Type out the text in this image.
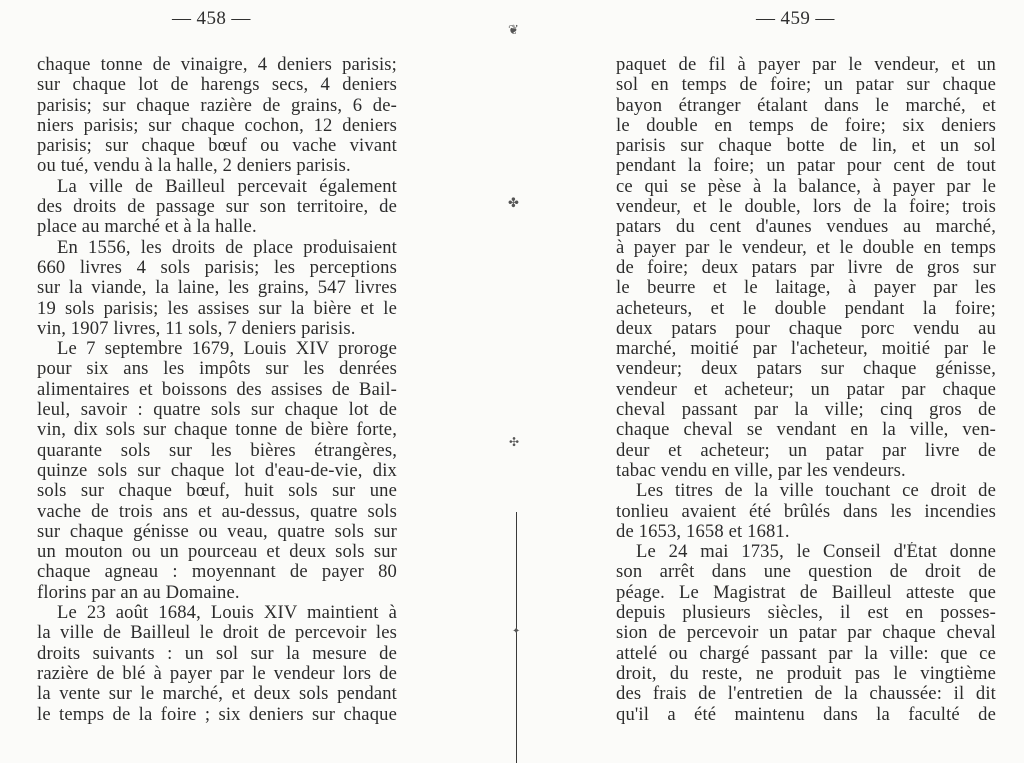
— 458 —
chaque tonne de vinaigre, 4 deniers parisis;
sur chaque lot de harengs secs, 4 deniers
parisis; sur chaque razière de grains, 6 de-
niers parisis; sur chaque cochon, 12 deniers
parisis; sur chaque bœuf ou vache vivant
ou tué, vendu à la halle, 2 deniers parisis.
La ville de Bailleul percevait également
des droits de passage sur son territoire, de
place au marché et à la halle.
En 1556, les droits de place produisaient
660 livres 4 sols parisis; les perceptions
sur la viande, la laine, les grains, 547 livres
19 sols parisis; les assises sur la bière et le
vin, 1907 livres, 11 sols, 7 deniers parisis.
Le 7 septembre 1679, Louis XIV proroge
pour six ans les impôts sur les denrées
alimentaires et boissons des assises de Bail-
leul, savoir : quatre sols sur chaque lot de
vin, dix sols sur chaque tonne de bière forte,
quarante sols sur les bières étrangères,
quinze sols sur chaque lot d'eau-de-vie, dix
sols sur chaque bœuf, huit sols sur une
vache de trois ans et au-dessus, quatre sols
sur chaque génisse ou veau, quatre sols sur
un mouton ou un pourceau et deux sols sur
chaque agneau : moyennant de payer 80
florins par an au Domaine.
Le 23 août 1684, Louis XIV maintient à
la ville de Bailleul le droit de percevoir les
droits suivants : un sol sur la mesure de
razière de blé à payer par le vendeur lors de
la vente sur le marché, et deux sols pendant
le temps de la foire ; six deniers sur chaque
❦
✤
✣
✦
— 459 —
paquet de fil à payer par le vendeur, et un
sol en temps de foire; un patar sur chaque
bayon étranger étalant dans le marché, et
le double en temps de foire; six deniers
parisis sur chaque botte de lin, et un sol
pendant la foire; un patar pour cent de tout
ce qui se pèse à la balance, à payer par le
vendeur, et le double, lors de la foire; trois
patars du cent d'aunes vendues au marché,
à payer par le vendeur, et le double en temps
de foire; deux patars par livre de gros sur
le beurre et le laitage, à payer par les
acheteurs, et le double pendant la foire;
deux patars pour chaque porc vendu au
marché, moitié par l'acheteur, moitié par le
vendeur; deux patars sur chaque génisse,
vendeur et acheteur; un patar par chaque
cheval passant par la ville; cinq gros de
chaque cheval se vendant en la ville, ven-
deur et acheteur; un patar par livre de
tabac vendu en ville, par les vendeurs.
Les titres de la ville touchant ce droit de
tonlieu avaient été brûlés dans les incendies
de 1653, 1658 et 1681.
Le 24 mai 1735, le Conseil d'État donne
son arrêt dans une question de droit de
péage. Le Magistrat de Bailleul atteste que
depuis plusieurs siècles, il est en posses-
sion de percevoir un patar par chaque cheval
attelé ou chargé passant par la ville: que ce
droit, du reste, ne produit pas le vingtième
des frais de l'entretien de la chaussée: il dit
qu'il a été maintenu dans la faculté de
